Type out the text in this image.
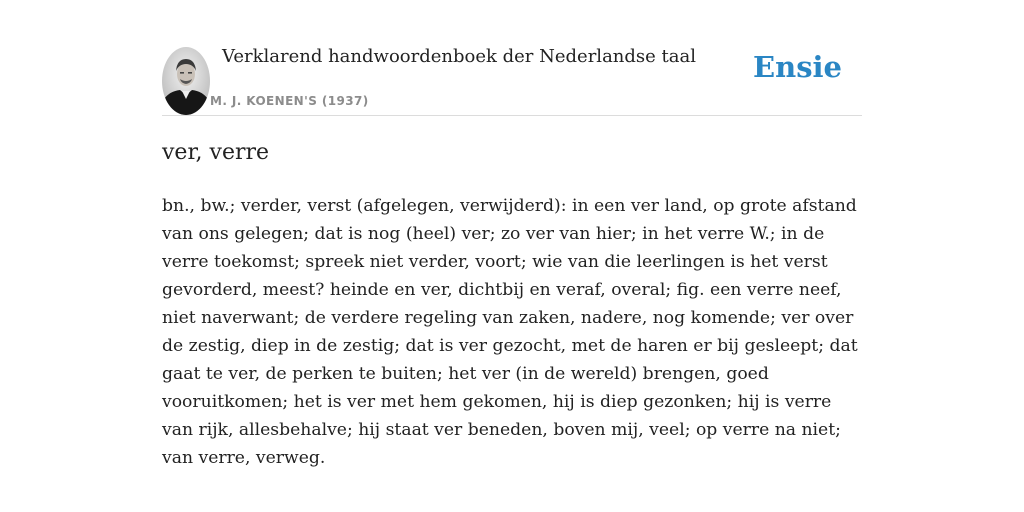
Verklarend handwoordenboek der Nederlandse taal
M. J. KOENEN'S (1937)
Ensie
ver, verre

bn., bw.; verder, verst (afgelegen, verwijderd): in een ver land, op grote afstand van ons gelegen; dat is nog (heel) ver; zo ver van hier; in het verre W.; in de verre toekomst; spreek niet verder, voort; wie van die leerlingen is het verst gevorderd, meest? heinde en ver, dichtbij en veraf, overal; fig. een verre neef, niet naverwant; de verdere regeling van zaken, nadere, nog komende; ver over de zestig, diep in de zestig; dat is ver gezocht, met de haren er bij gesleept; dat gaat te ver, de perken te buiten; het ver (in de wereld) brengen, goed vooruitkomen; het is ver met hem gekomen, hij is diep gezonken; hij is verre van rijk, allesbehalve; hij staat ver beneden, boven mij, veel; op verre na niet; van verre, verweg.
